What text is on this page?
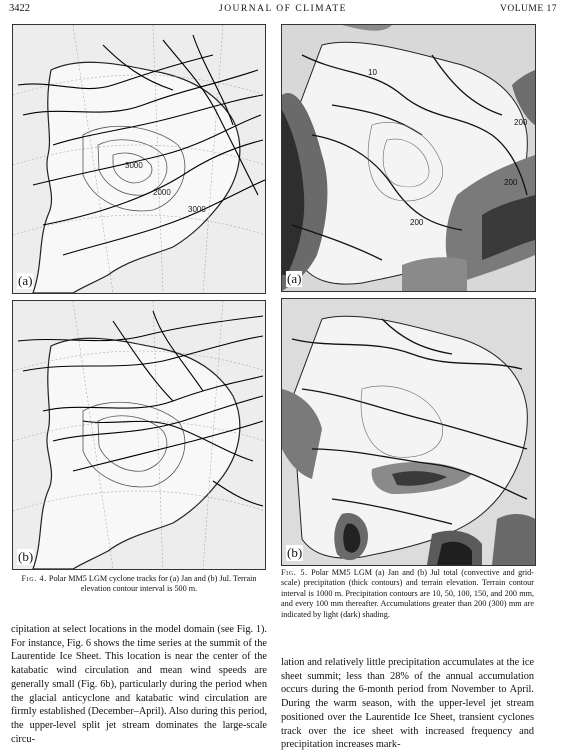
3422	JOURNAL OF CLIMATE	VOLUME 17
3000
2000
3000
(a)
(b)
Fig. 4. Polar MM5 LGM cyclone tracks for (a) Jan and (b) Jul. Terrain elevation contour interval is 500 m.
200
10
200
200
(a)
(b)
Fig. 5. Polar MM5 LGM (a) Jan and (b) Jul total (convective and grid-scale) precipitation (thick contours) and terrain elevation. Terrain contour interval is 1000 m. Precipitation contours are 10, 50, 100, 150, and 200 mm, and every 100 mm thereafter. Accumulations greater than 200 (300) mm are indicated by light (dark) shading.
cipitation at select locations in the model domain (see Fig. 1). For instance, Fig. 6 shows the time series at the summit of the Laurentide Ice Sheet. This location is near the center of the katabatic wind circulation and mean wind speeds are generally small (Fig. 6b), particularly during the period when the glacial anticyclone and katabatic wind circulation are firmly established (December–April). Also during this period, the upper-level split jet stream dominates the large-scale circu-
lation and relatively little precipitation accumulates at the ice sheet summit; less than 28% of the annual accumulation occurs during the 6-month period from November to April. During the warm season, with the upper-level jet stream positioned over the Laurentide Ice Sheet, transient cyclones track over the ice sheet with increased frequency and precipitation increases mark-
